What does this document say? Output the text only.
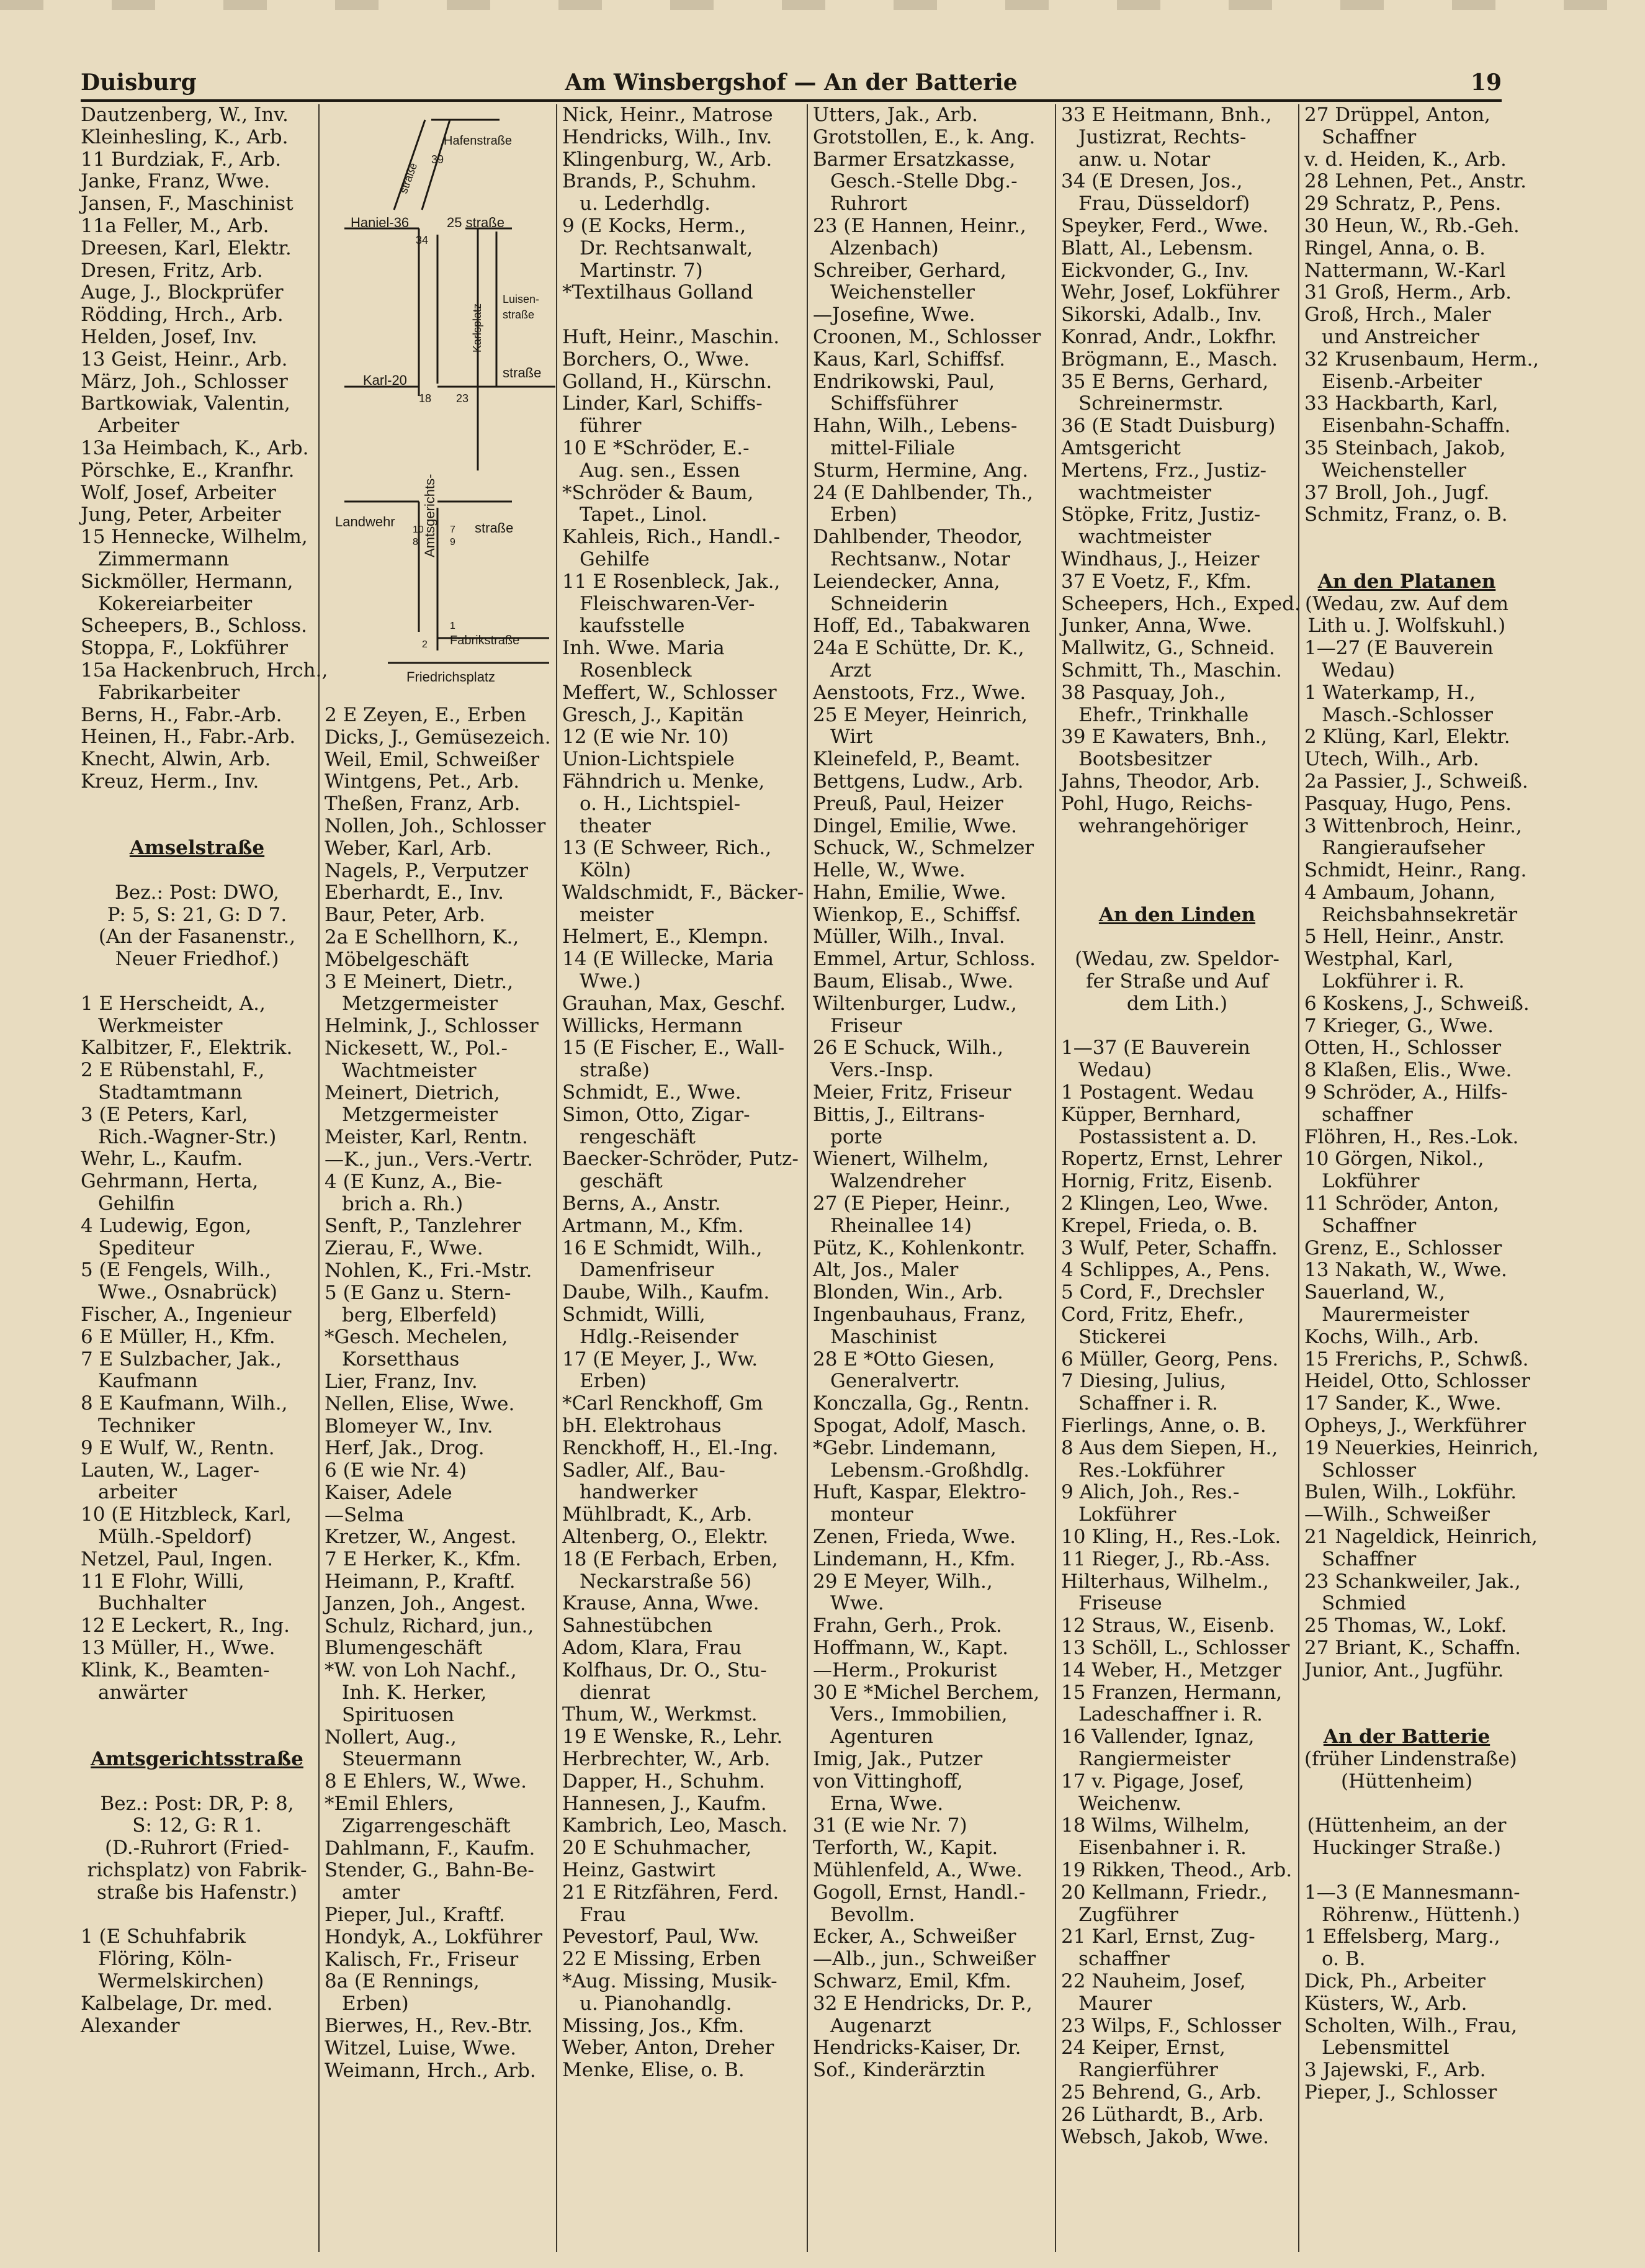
Duisburg	Am Winsbergshof — An der Batterie	19
Hafenstraße
39
straße
Haniel-36	25 straße
34
Luisen-
straße
Karlsplatz
Karl-20	straße
18 23
Amtsgerichts-
Landwehr	straße
10
8
7
9
Fabrikstraße
2
1
Friedrichsplatz
Dautzenberg, W., Inv.
Kleinhesling, K., Arb.
11 Burdziak, F., Arb.
Janke, Franz, Wwe.
Jansen, F., Maschinist
11a Feller, M., Arb.
Dreesen, Karl, Elektr.
Dresen, Fritz, Arb.
Auge, J., Blockprüfer
Rödding, Hrch., Arb.
Helden, Josef, Inv.
13 Geist, Heinr., Arb.
März, Joh., Schlosser
Bartkowiak, Valentin,
Arbeiter
13a Heimbach, K., Arb.
Pörschke, E., Kranfhr.
Wolf, Josef, Arbeiter
Jung, Peter, Arbeiter
15 Hennecke, Wilhelm,
Zimmermann
Sickmöller, Hermann,
Kokereiarbeiter
Scheepers, B., Schloss.
Stoppa, F., Lokführer
15a Hackenbruch, Hrch.,
Fabrikarbeiter
Berns, H., Fabr.-Arb.
Heinen, H., Fabr.-Arb.
Knecht, Alwin, Arb.
Kreuz, Herm., Inv.
Amselstraße
Bez.: Post: DWO,
P: 5, S: 21, G: D 7.
(An der Fasanenstr.,
Neuer Friedhof.)
1 E Herscheidt, A.,
Werkmeister
Kalbitzer, F., Elektrik.
2 E Rübenstahl, F.,
Stadtamtmann
3 (E Peters, Karl,
Rich.-Wagner-Str.)
Wehr, L., Kaufm.
Gehrmann, Herta,
Gehilfin
4 Ludewig, Egon,
Spediteur
5 (E Fengels, Wilh.,
Wwe., Osnabrück)
Fischer, A., Ingenieur
6 E Müller, H., Kfm.
7 E Sulzbacher, Jak.,
Kaufmann
8 E Kaufmann, Wilh.,
Techniker
9 E Wulf, W., Rentn.
Lauten, W., Lager-
arbeiter
10 (E Hitzbleck, Karl,
Mülh.-Speldorf)
Netzel, Paul, Ingen.
11 E Flohr, Willi,
Buchhalter
12 E Leckert, R., Ing.
13 Müller, H., Wwe.
Klink, K., Beamten-
anwärter
Amtsgerichtsstraße
Bez.: Post: DR, P: 8,
S: 12, G: R 1.
(D.-Ruhrort (Fried-
richsplatz) von Fabrik-
straße bis Hafenstr.)
1 (E Schuhfabrik
Flöring, Köln-
Wermelskirchen)
Kalbelage, Dr. med.
Alexander
2 E Zeyen, E., Erben
Dicks, J., Gemüsezeich.
Weil, Emil, Schweißer
Wintgens, Pet., Arb.
Theßen, Franz, Arb.
Nollen, Joh., Schlosser
Weber, Karl, Arb.
Nagels, P., Verputzer
Eberhardt, E., Inv.
Baur, Peter, Arb.
2a E Schellhorn, K.,
Möbelgeschäft
3 E Meinert, Dietr.,
Metzgermeister
Helmink, J., Schlosser
Nickesett, W., Pol.-
Wachtmeister
Meinert, Dietrich,
Metzgermeister
Meister, Karl, Rentn.
—K., jun., Vers.-Vertr.
4 (E Kunz, A., Bie-
brich a. Rh.)
Senft, P., Tanzlehrer
Zierau, F., Wwe.
Nohlen, K., Fri.-Mstr.
5 (E Ganz u. Stern-
berg, Elberfeld)
*Gesch. Mechelen,
Korsetthaus
Lier, Franz, Inv.
Nellen, Elise, Wwe.
Blomeyer W., Inv.
Herf, Jak., Drog.
6 (E wie Nr. 4)
Kaiser, Adele
—Selma
Kretzer, W., Angest.
7 E Herker, K., Kfm.
Heimann, P., Kraftf.
Janzen, Joh., Angest.
Schulz, Richard, jun.,
Blumengeschäft
*W. von Loh Nachf.,
Inh. K. Herker,
Spirituosen
Nollert, Aug.,
Steuermann
8 E Ehlers, W., Wwe.
*Emil Ehlers,
Zigarrengeschäft
Dahlmann, F., Kaufm.
Stender, G., Bahn-Be-
amter
Pieper, Jul., Kraftf.
Hondyk, A., Lokführer
Kalisch, Fr., Friseur
8a (E Rennings,
Erben)
Bierwes, H., Rev.-Btr.
Witzel, Luise, Wwe.
Weimann, Hrch., Arb.
Nick, Heinr., Matrose
Hendricks, Wilh., Inv.
Klingenburg, W., Arb.
Brands, P., Schuhm.
u. Lederhdlg.
9 (E Kocks, Herm.,
Dr. Rechtsanwalt,
Martinstr. 7)
*Textilhaus Golland
Huft, Heinr., Maschin.
Borchers, O., Wwe.
Golland, H., Kürschn.
Linder, Karl, Schiffs-
führer
10 E *Schröder, E.-
Aug. sen., Essen
*Schröder & Baum,
Tapet., Linol.
Kahleis, Rich., Handl.-
Gehilfe
11 E Rosenbleck, Jak.,
Fleischwaren-Ver-
kaufsstelle
Inh. Wwe. Maria
Rosenbleck
Meffert, W., Schlosser
Gresch, J., Kapitän
12 (E wie Nr. 10)
Union-Lichtspiele
Fähndrich u. Menke,
o. H., Lichtspiel-
theater
13 (E Schweer, Rich.,
Köln)
Waldschmidt, F., Bäcker-
meister
Helmert, E., Klempn.
14 (E Willecke, Maria
Wwe.)
Grauhan, Max, Geschf.
Willicks, Hermann
15 (E Fischer, E., Wall-
straße)
Schmidt, E., Wwe.
Simon, Otto, Zigar-
rengeschäft
Baecker-Schröder, Putz-
geschäft
Berns, A., Anstr.
Artmann, M., Kfm.
16 E Schmidt, Wilh.,
Damenfriseur
Daube, Wilh., Kaufm.
Schmidt, Willi,
Hdlg.-Reisender
17 (E Meyer, J., Ww.
Erben)
*Carl Renckhoff, Gm
bH. Elektrohaus
Renckhoff, H., El.-Ing.
Sadler, Alf., Bau-
handwerker
Mühlbradt, K., Arb.
Altenberg, O., Elektr.
18 (E Ferbach, Erben,
Neckarstraße 56)
Krause, Anna, Wwe.
Sahnestübchen
Adom, Klara, Frau
Kolfhaus, Dr. O., Stu-
dienrat
Thum, W., Werkmst.
19 E Wenske, R., Lehr.
Herbrechter, W., Arb.
Dapper, H., Schuhm.
Hannesen, J., Kaufm.
Kambrich, Leo, Masch.
20 E Schuhmacher,
Heinz, Gastwirt
21 E Ritzfähren, Ferd.
Frau
Pevestorf, Paul, Ww.
22 E Missing, Erben
*Aug. Missing, Musik-
u. Pianohandlg.
Missing, Jos., Kfm.
Weber, Anton, Dreher
Menke, Elise, o. B.
Utters, Jak., Arb.
Grotstollen, E., k. Ang.
Barmer Ersatzkasse,
Gesch.-Stelle Dbg.-
Ruhrort
23 (E Hannen, Heinr.,
Alzenbach)
Schreiber, Gerhard,
Weichensteller
—Josefine, Wwe.
Croonen, M., Schlosser
Kaus, Karl, Schiffsf.
Endrikowski, Paul,
Schiffsführer
Hahn, Wilh., Lebens-
mittel-Filiale
Sturm, Hermine, Ang.
24 (E Dahlbender, Th.,
Erben)
Dahlbender, Theodor,
Rechtsanw., Notar
Leiendecker, Anna,
Schneiderin
Hoff, Ed., Tabakwaren
24a E Schütte, Dr. K.,
Arzt
Aenstoots, Frz., Wwe.
25 E Meyer, Heinrich,
Wirt
Kleinefeld, P., Beamt.
Bettgens, Ludw., Arb.
Preuß, Paul, Heizer
Dingel, Emilie, Wwe.
Schuck, W., Schmelzer
Helle, W., Wwe.
Hahn, Emilie, Wwe.
Wienkop, E., Schiffsf.
Müller, Wilh., Inval.
Emmel, Artur, Schloss.
Baum, Elisab., Wwe.
Wiltenburger, Ludw.,
Friseur
26 E Schuck, Wilh.,
Vers.-Insp.
Meier, Fritz, Friseur
Bittis, J., Eiltrans-
porte
Wienert, Wilhelm,
Walzendreher
27 (E Pieper, Heinr.,
Rheinallee 14)
Pütz, K., Kohlenkontr.
Alt, Jos., Maler
Blonden, Win., Arb.
Ingenbauhaus, Franz,
Maschinist
28 E *Otto Giesen,
Generalvertr.
Konczalla, Gg., Rentn.
Spogat, Adolf, Masch.
*Gebr. Lindemann,
Lebensm.-Großhdlg.
Huft, Kaspar, Elektro-
monteur
Zenen, Frieda, Wwe.
Lindemann, H., Kfm.
29 E Meyer, Wilh.,
Wwe.
Frahn, Gerh., Prok.
Hoffmann, W., Kapt.
—Herm., Prokurist
30 E *Michel Berchem,
Vers., Immobilien,
Agenturen
Imig, Jak., Putzer
von Vittinghoff,
Erna, Wwe.
31 (E wie Nr. 7)
Terforth, W., Kapit.
Mühlenfeld, A., Wwe.
Gogoll, Ernst, Handl.-
Bevollm.
Ecker, A., Schweißer
—Alb., jun., Schweißer
Schwarz, Emil, Kfm.
32 E Hendricks, Dr. P.,
Augenarzt
Hendricks-Kaiser, Dr.
Sof., Kinderärztin
33 E Heitmann, Bnh.,
Justizrat, Rechts-
anw. u. Notar
34 (E Dresen, Jos.,
Frau, Düsseldorf)
Speyker, Ferd., Wwe.
Blatt, Al., Lebensm.
Eickvonder, G., Inv.
Wehr, Josef, Lokführer
Sikorski, Adalb., Inv.
Konrad, Andr., Lokfhr.
Brögmann, E., Masch.
35 E Berns, Gerhard,
Schreinermstr.
36 (E Stadt Duisburg)
Amtsgericht
Mertens, Frz., Justiz-
wachtmeister
Stöpke, Fritz, Justiz-
wachtmeister
Windhaus, J., Heizer
37 E Voetz, F., Kfm.
Scheepers, Hch., Exped.
Junker, Anna, Wwe.
Mallwitz, G., Schneid.
Schmitt, Th., Maschin.
38 Pasquay, Joh.,
Ehefr., Trinkhalle
39 E Kawaters, Bnh.,
Bootsbesitzer
Jahns, Theodor, Arb.
Pohl, Hugo, Reichs-
wehrangehöriger
An den Linden
(Wedau, zw. Speldor-
fer Straße und Auf
dem Lith.)
1—37 (E Bauverein
Wedau)
1 Postagent. Wedau
Küpper, Bernhard,
Postassistent a. D.
Ropertz, Ernst, Lehrer
Hornig, Fritz, Eisenb.
2 Klingen, Leo, Wwe.
Krepel, Frieda, o. B.
3 Wulf, Peter, Schaffn.
4 Schlippes, A., Pens.
5 Cord, F., Drechsler
Cord, Fritz, Ehefr.,
Stickerei
6 Müller, Georg, Pens.
7 Diesing, Julius,
Schaffner i. R.
Fierlings, Anne, o. B.
8 Aus dem Siepen, H.,
Res.-Lokführer
9 Alich, Joh., Res.-
Lokführer
10 Kling, H., Res.-Lok.
11 Rieger, J., Rb.-Ass.
Hilterhaus, Wilhelm.,
Friseuse
12 Straus, W., Eisenb.
13 Schöll, L., Schlosser
14 Weber, H., Metzger
15 Franzen, Hermann,
Ladeschaffner i. R.
16 Vallender, Ignaz,
Rangiermeister
17 v. Pigage, Josef,
Weichenw.
18 Wilms, Wilhelm,
Eisenbahner i. R.
19 Rikken, Theod., Arb.
20 Kellmann, Friedr.,
Zugführer
21 Karl, Ernst, Zug-
schaffner
22 Nauheim, Josef,
Maurer
23 Wilps, F., Schlosser
24 Keiper, Ernst,
Rangierführer
25 Behrend, G., Arb.
26 Lüthardt, B., Arb.
Websch, Jakob, Wwe.
27 Drüppel, Anton,
Schaffner
v. d. Heiden, K., Arb.
28 Lehnen, Pet., Anstr.
29 Schratz, P., Pens.
30 Heun, W., Rb.-Geh.
Ringel, Anna, o. B.
Nattermann, W.-Karl
31 Groß, Herm., Arb.
Groß, Hrch., Maler
und Anstreicher
32 Krusenbaum, Herm.,
Eisenb.-Arbeiter
33 Hackbarth, Karl,
Eisenbahn-Schaffn.
35 Steinbach, Jakob,
Weichensteller
37 Broll, Joh., Jugf.
Schmitz, Franz, o. B.
An den Platanen
(Wedau, zw. Auf dem
Lith u. J. Wolfskuhl.)
1—27 (E Bauverein
Wedau)
1 Waterkamp, H.,
Masch.-Schlosser
2 Klüng, Karl, Elektr.
Utech, Wilh., Arb.
2a Passier, J., Schweiß.
Pasquay, Hugo, Pens.
3 Wittenbroch, Heinr.,
Rangieraufseher
Schmidt, Heinr., Rang.
4 Ambaum, Johann,
Reichsbahnsekretär
5 Hell, Heinr., Anstr.
Westphal, Karl,
Lokführer i. R.
6 Koskens, J., Schweiß.
7 Krieger, G., Wwe.
Otten, H., Schlosser
8 Klaßen, Elis., Wwe.
9 Schröder, A., Hilfs-
schaffner
Flöhren, H., Res.-Lok.
10 Görgen, Nikol.,
Lokführer
11 Schröder, Anton,
Schaffner
Grenz, E., Schlosser
13 Nakath, W., Wwe.
Sauerland, W.,
Maurermeister
Kochs, Wilh., Arb.
15 Frerichs, P., Schwß.
Heidel, Otto, Schlosser
17 Sander, K., Wwe.
Opheys, J., Werkführer
19 Neuerkies, Heinrich,
Schlosser
Bulen, Wilh., Lokführ.
—Wilh., Schweißer
21 Nageldick, Heinrich,
Schaffner
23 Schankweiler, Jak.,
Schmied
25 Thomas, W., Lokf.
27 Briant, K., Schaffn.
Junior, Ant., Jugführ.
An der Batterie
(früher Lindenstraße)
(Hüttenheim)
(Hüttenheim, an der
Huckinger Straße.)
1—3 (E Mannesmann-
Röhrenw., Hüttenh.)
1 Effelsberg, Marg.,
o. B.
Dick, Ph., Arbeiter
Küsters, W., Arb.
Scholten, Wilh., Frau,
Lebensmittel
3 Jajewski, F., Arb.
Pieper, J., Schlosser
